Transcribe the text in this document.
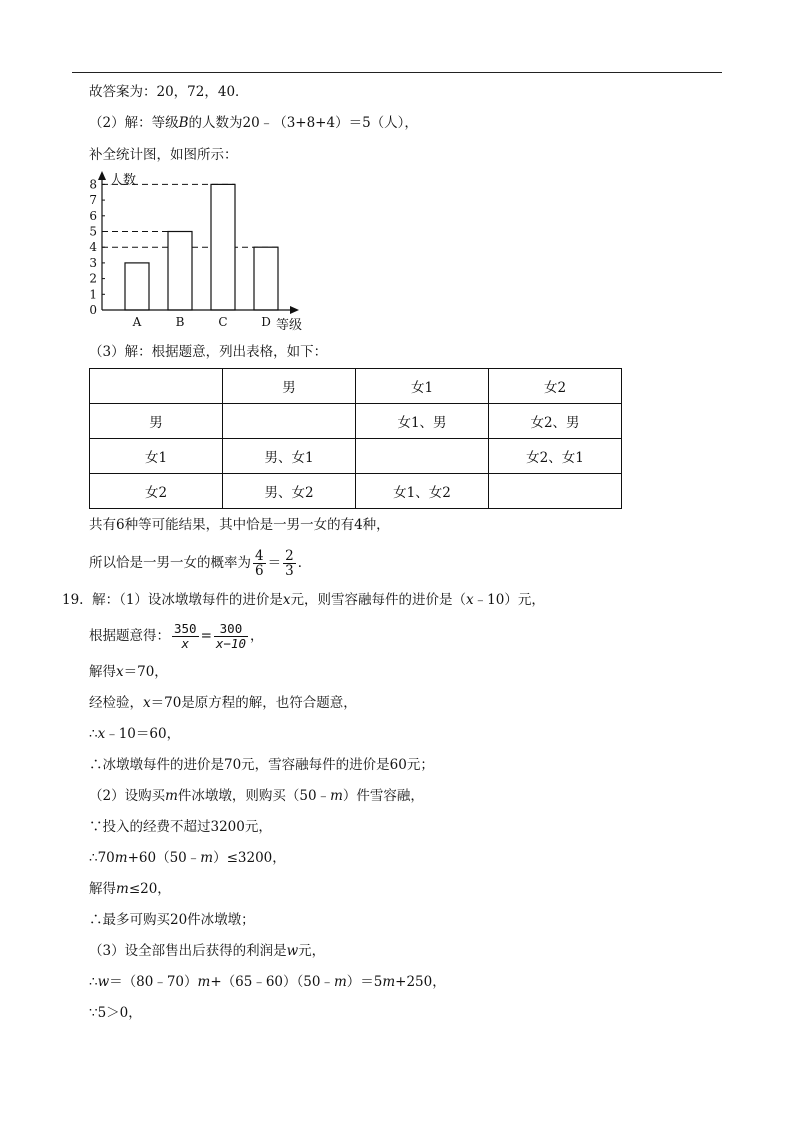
故答案为：20，72，40．
（2）解：等级B的人数为20﹣（3+8+4）＝5（人），
补全统计图，如图所示：
A	B	C	D
0
1
2
3
4
5
6
7
8 人数
等级
（3）解：根据题意，列出表格，如下：
	男	女1	女2
男		女1、男	女2、男
女1	男、女1		女2、女1
女2	男、女2	女1、女2	
共有6种等可能结果，其中恰是一男一女的有4种，
所以恰是一男一女的概率为 $\frac{4}{6} = \frac{2}{3}$ ．
19. 解：（1）设冰墩墩每件的进价是x元，则雪容融每件的进价是（x﹣10）元，
根据题意得： $\frac{350}{x} = \frac{300}{x-10}$ ，
解得x＝70，
经检验，x＝70是原方程的解，也符合题意，
∴x﹣10＝60，
∴冰墩墩每件的进价是70元，雪容融每件的进价是60元；
（2）设购买m件冰墩墩，则购买（50﹣m）件雪容融，
∵投入的经费不超过3200元，
∴70m+60（50﹣m）≤3200，
解得m≤20，
∴最多可购买20件冰墩墩；
（3）设全部售出后获得的利润是w元，
∴w＝（80﹣70）m+（65﹣60）（50﹣m）＝5m+250，
∵5＞0，
